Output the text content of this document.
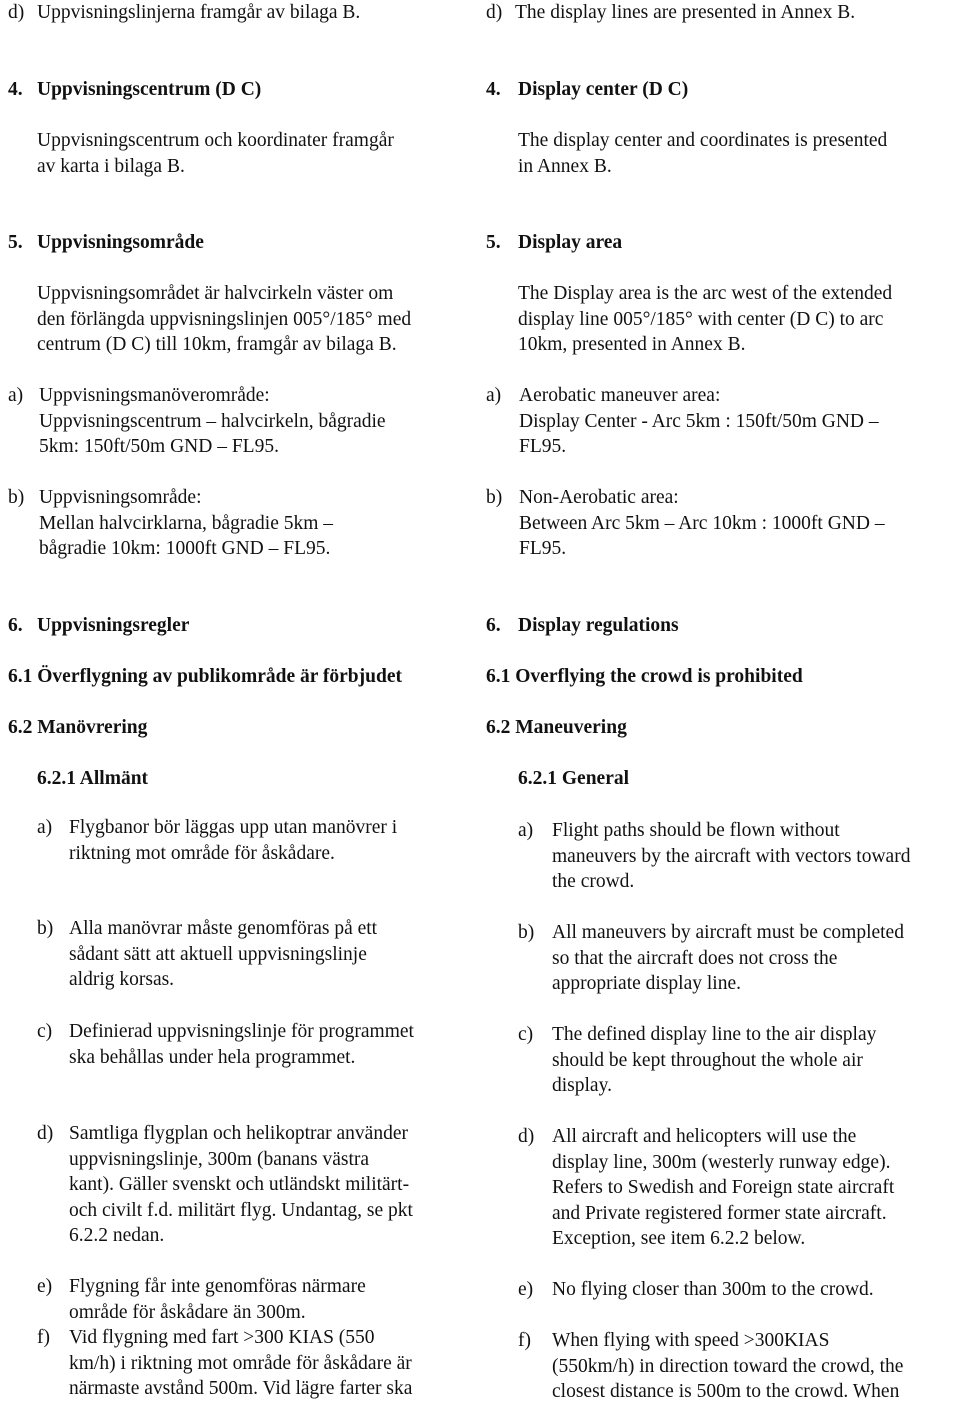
d) Uppvisningslinjerna framgår av bilaga B.
4. Uppvisningscentrum (D C)
Uppvisningscentrum och koordinater framgår
av karta i bilaga B.
5. Uppvisningsområde
Uppvisningsområdet är halvcirkeln väster om
den förlängda uppvisningslinjen 005°/185° med
centrum (D C) till 10km, framgår av bilaga B.
a) Uppvisningsmanöverområde:
Uppvisningscentrum – halvcirkeln, bågradie
5km: 150ft/50m GND – FL95.
b) Uppvisningsområde:
Mellan halvcirklarna, bågradie 5km –
bågradie 10km: 1000ft GND – FL95.
6. Uppvisningsregler
6.1 Överflygning av publikområde är förbjudet
6.2 Manövrering
6.2.1 Allmänt
a) Flygbanor bör läggas upp utan manövrer i
riktning mot område för åskådare.
b) Alla manövrar måste genomföras på ett
sådant sätt att aktuell uppvisningslinje
aldrig korsas.
c) Definierad uppvisningslinje för programmet
ska behållas under hela programmet.
d) Samtliga flygplan och helikoptrar använder
uppvisningslinje, 300m (banans västra
kant). Gäller svenskt och utländskt militärt-
och civilt f.d. militärt flyg. Undantag, se pkt
6.2.2 nedan.
e) Flygning får inte genomföras närmare
område för åskådare än 300m.
f) Vid flygning med fart >300 KIAS (550
km/h) i riktning mot område för åskådare är
närmaste avstånd 500m. Vid lägre farter ska
d) The display lines are presented in Annex B.
4. Display center (D C)
The display center and coordinates is presented
in Annex B.
5. Display area
The Display area is the arc west of the extended
display line 005°/185° with center (D C) to arc
10km, presented in Annex B.
a) Aerobatic maneuver area:
Display Center - Arc 5km : 150ft/50m GND –
FL95.
b) Non-Aerobatic area:
Between Arc 5km – Arc 10km : 1000ft GND –
FL95.
6. Display regulations
6.1 Overflying the crowd is prohibited
6.2 Maneuvering
6.2.1 General
a) Flight paths should be flown without
maneuvers by the aircraft with vectors toward
the crowd.
b) All maneuvers by aircraft must be completed
so that the aircraft does not cross the
appropriate display line.
c) The defined display line to the air display
should be kept throughout the whole air
display.
d) All aircraft and helicopters will use the
display line, 300m (westerly runway edge).
Refers to Swedish and Foreign state aircraft
and Private registered former state aircraft.
Exception, see item 6.2.2 below.
e) No flying closer than 300m to the crowd.
f) When flying with speed >300KIAS
(550km/h) in direction toward the crowd, the
closest distance is 500m to the crowd. When
